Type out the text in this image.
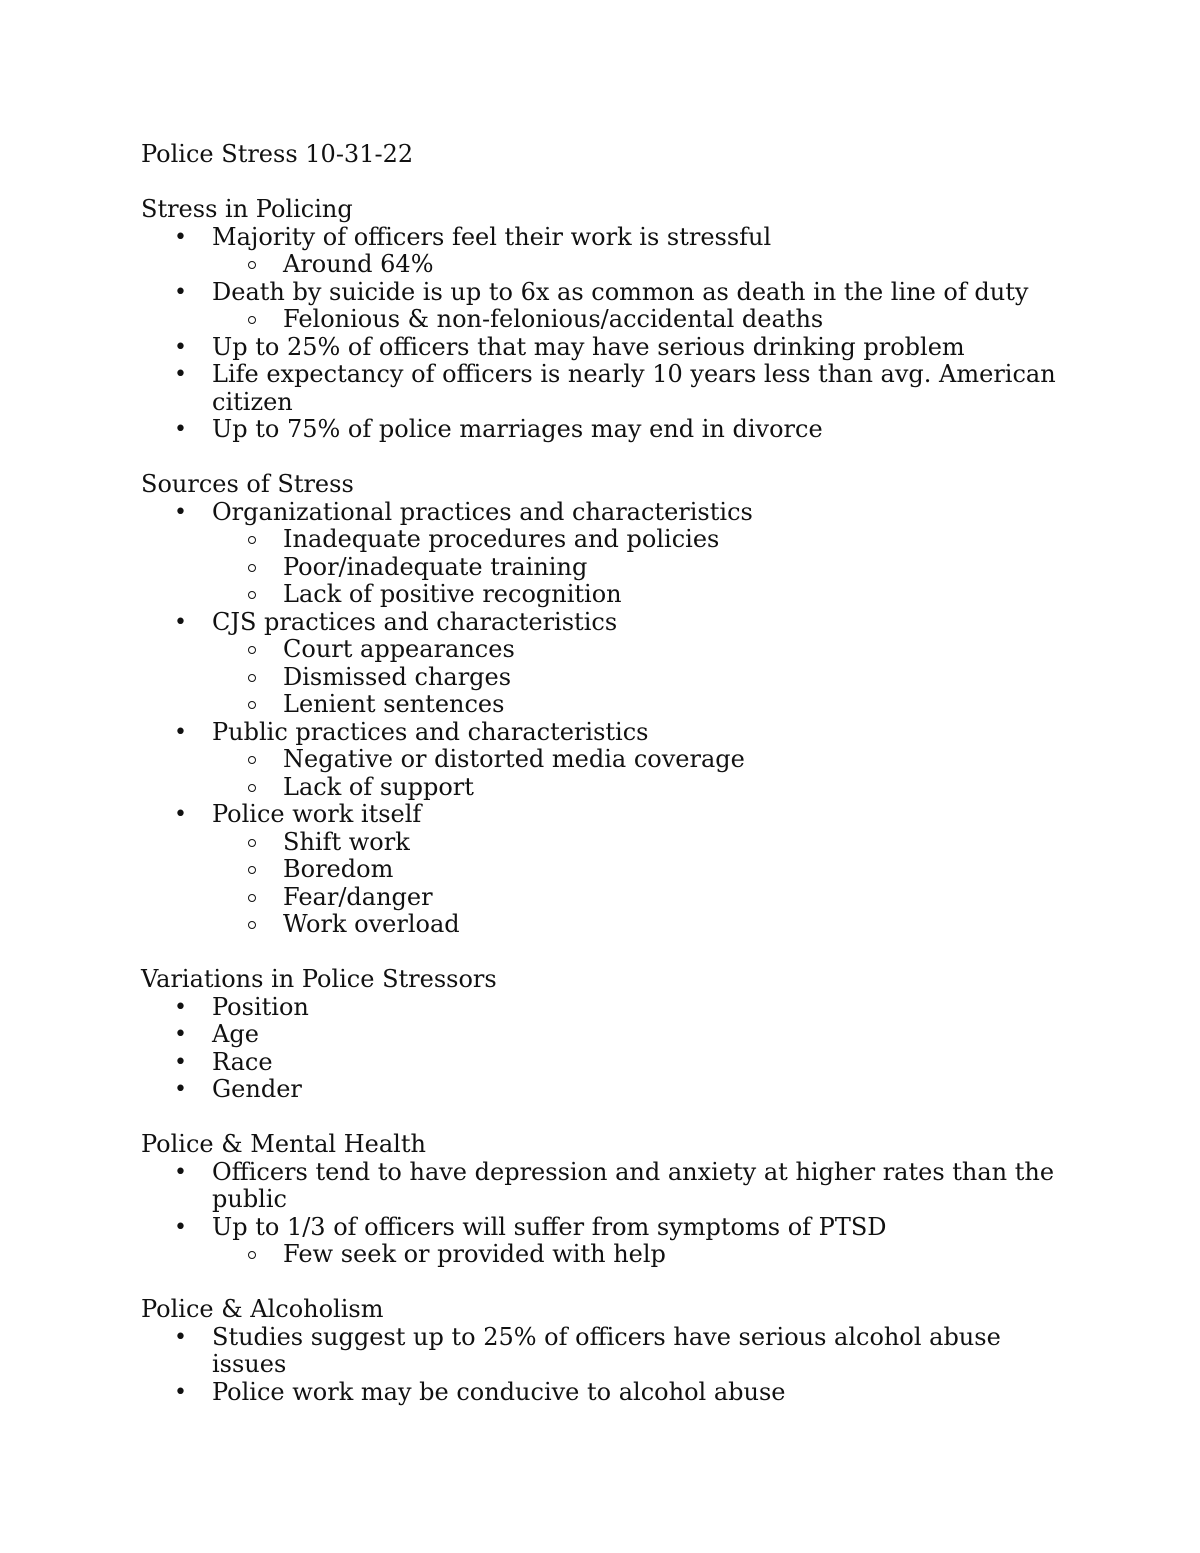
Police Stress 10-31-22
Stress in Policing
• Majority of officers feel their work is stressful
Around 64%
• Death by suicide is up to 6x as common as death in the line of duty
Felonious & non-felonious/accidental deaths
• Up to 25% of officers that may have serious drinking problem
• Life expectancy of officers is nearly 10 years less than avg. American citizen
• Up to 75% of police marriages may end in divorce
Sources of Stress
• Organizational practices and characteristics
Inadequate procedures and policies
Poor/inadequate training
Lack of positive recognition
• CJS practices and characteristics
Court appearances
Dismissed charges
Lenient sentences
• Public practices and characteristics
Negative or distorted media coverage
Lack of support
• Police work itself
Shift work
Boredom
Fear/danger
Work overload
Variations in Police Stressors
• Position
• Age
• Race
• Gender
Police & Mental Health
• Officers tend to have depression and anxiety at higher rates than the public
• Up to 1/3 of officers will suffer from symptoms of PTSD
Few seek or provided with help
Police & Alcoholism
• Studies suggest up to 25% of officers have serious alcohol abuse issues
• Police work may be conducive to alcohol abuse
